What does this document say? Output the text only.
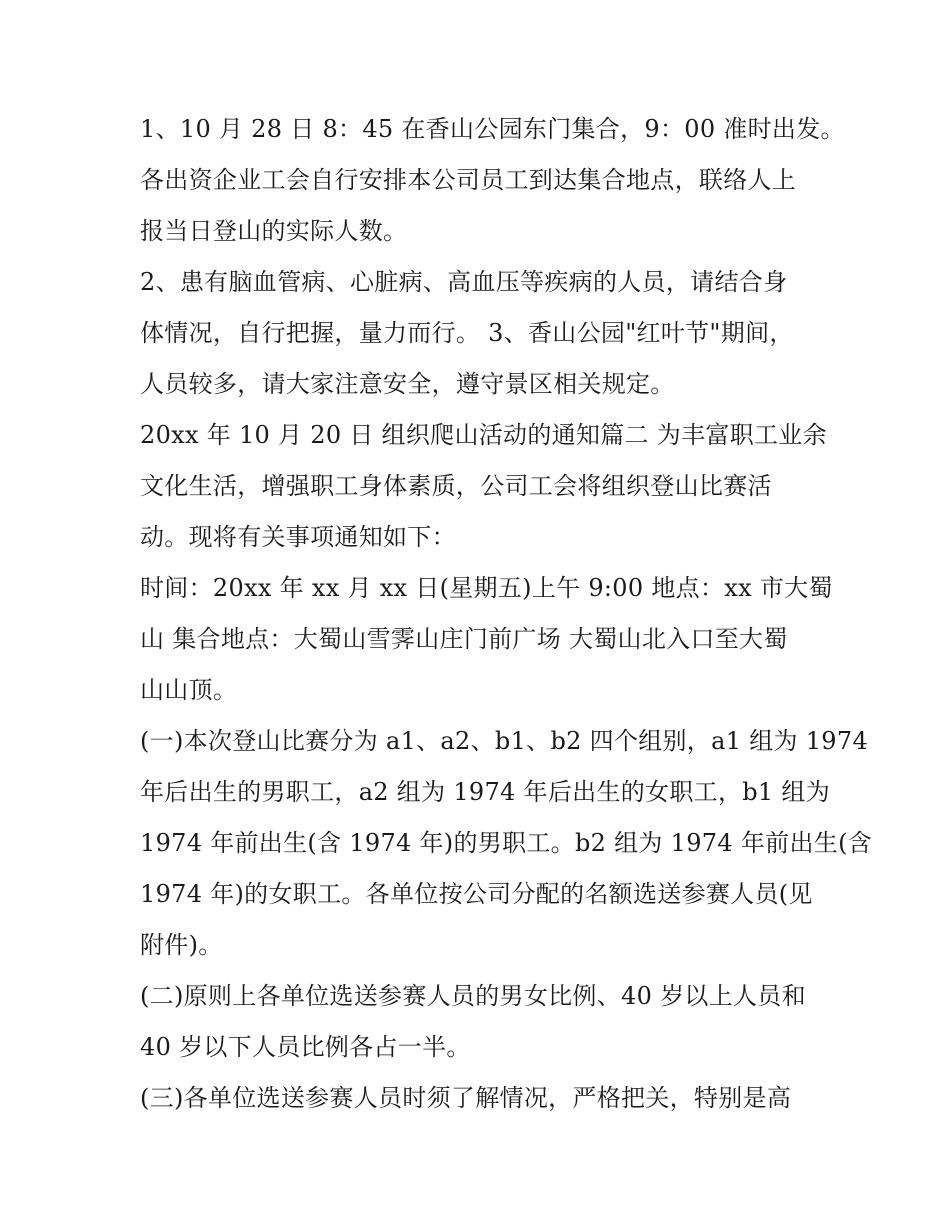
1、10 月 28 日 8：45 在香山公园东门集合，9：00 准时出发。

各出资企业工会自行安排本公司员工到达集合地点，联络人上

报当日登山的实际人数。

2、患有脑血管病、心脏病、高血压等疾病的人员，请结合身

体情况，自行把握，量力而行。 3、香山公园"红叶节"期间，

人员较多，请大家注意安全，遵守景区相关规定。

20xx 年 10 月 20 日 组织爬山活动的通知篇二 为丰富职工业余

文化生活，增强职工身体素质，公司工会将组织登山比赛活

动。现将有关事项通知如下：

时间：20xx 年 xx 月 xx 日(星期五)上午 9:00 地点：xx 市大蜀

山 集合地点：大蜀山雪霁山庄门前广场 大蜀山北入口至大蜀

山山顶。

(一)本次登山比赛分为 a1、a2、b1、b2 四个组别，a1 组为 1974

年后出生的男职工，a2 组为 1974 年后出生的女职工，b1 组为

1974 年前出生(含 1974 年)的男职工。b2 组为 1974 年前出生(含

1974 年)的女职工。各单位按公司分配的名额选送参赛人员(见

附件)。

(二)原则上各单位选送参赛人员的男女比例、40 岁以上人员和

40 岁以下人员比例各占一半。

(三)各单位选送参赛人员时须了解情况，严格把关，特别是高
